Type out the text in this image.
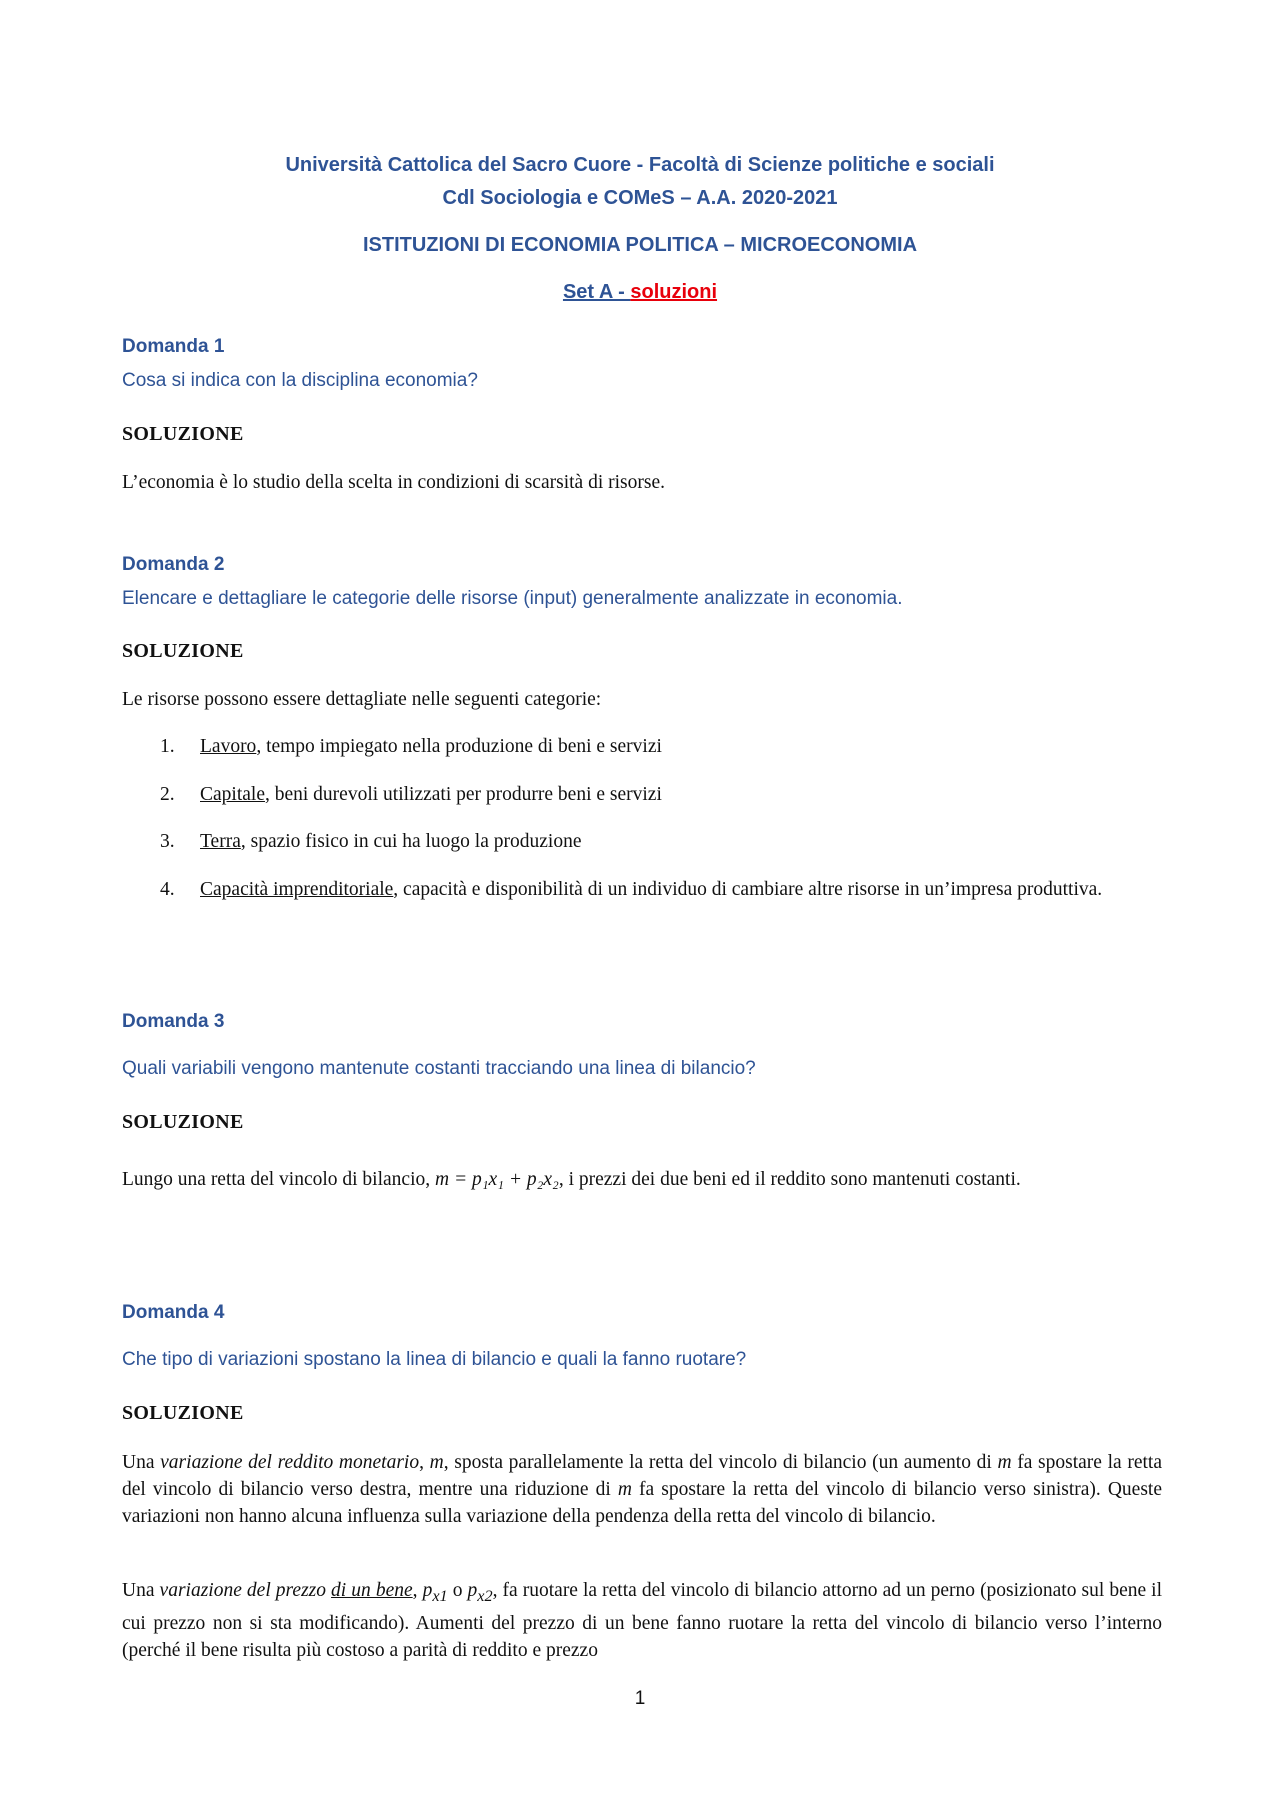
Università Cattolica del Sacro Cuore - Facoltà di Scienze politiche e sociali
Cdl Sociologia e COMeS – A.A. 2020-2021
ISTITUZIONI DI ECONOMIA POLITICA – MICROECONOMIA
Set A - soluzioni
Domanda 1
Cosa si indica con la disciplina economia?
SOLUZIONE
L’economia è lo studio della scelta in condizioni di scarsità di risorse.
Domanda 2
Elencare e dettagliare le categorie delle risorse (input) generalmente analizzate in economia.
SOLUZIONE
Le risorse possono essere dettagliate nelle seguenti categorie:
1.	Lavoro, tempo impiegato nella produzione di beni e servizi
2.	Capitale, beni durevoli utilizzati per produrre beni e servizi
3.	Terra, spazio fisico in cui ha luogo la produzione
4.	Capacità imprenditoriale, capacità e disponibilità di un individuo di cambiare altre risorse in un’impresa produttiva.
Domanda 3
Quali variabili vengono mantenute costanti tracciando una linea di bilancio?
SOLUZIONE
Lungo una retta del vincolo di bilancio, m = p₁x₁ + p₂x₂, i prezzi dei due beni ed il reddito sono mantenuti costanti.
Domanda 4
Che tipo di variazioni spostano la linea di bilancio e quali la fanno ruotare?
SOLUZIONE
Una variazione del reddito monetario, m, sposta parallelamente la retta del vincolo di bilancio (un aumento di m fa spostare la retta del vincolo di bilancio verso destra, mentre una riduzione di m fa spostare la retta del vincolo di bilancio verso sinistra). Queste variazioni non hanno alcuna influenza sulla variazione della pendenza della retta del vincolo di bilancio.
Una variazione del prezzo di un bene, $p_{x1}$ o $p_{x2}$, fa ruotare la retta del vincolo di bilancio attorno ad un perno (posizionato sul bene il cui prezzo non si sta modificando). Aumenti del prezzo di un bene fanno ruotare la retta del vincolo di bilancio verso l’interno (perché il bene risulta più costoso a parità di reddito e prezzo
1
